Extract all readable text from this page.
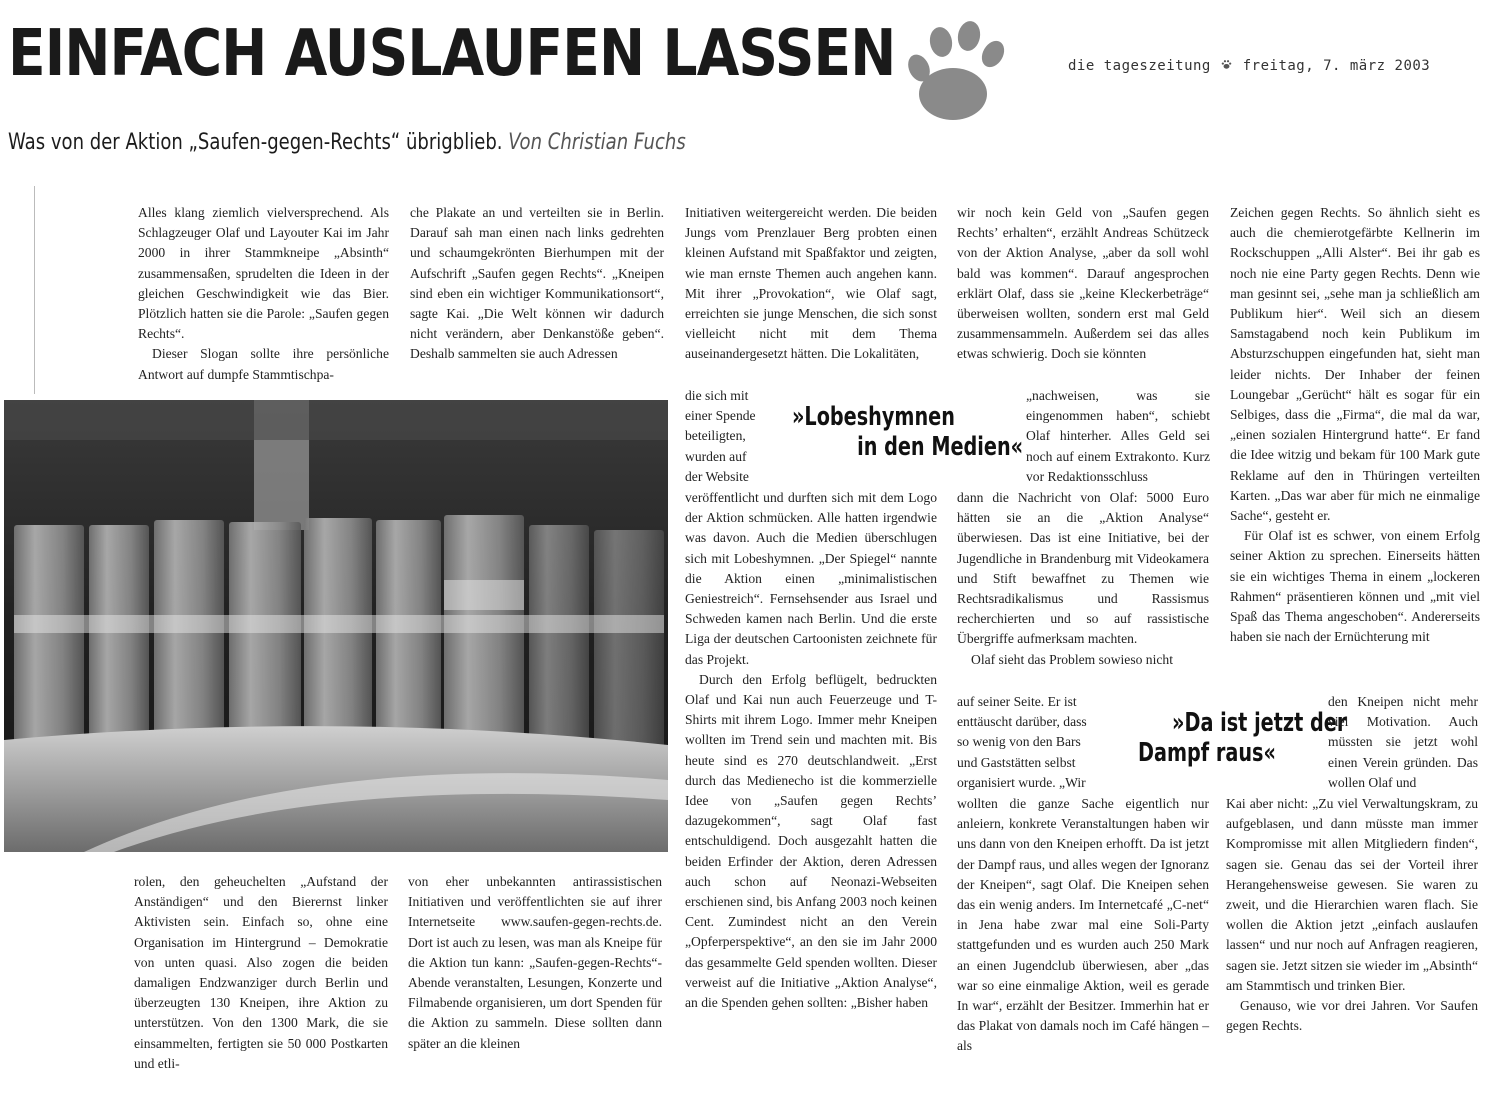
EINFACH AUSLAUFEN LASSEN	die tageszeitung freitag, 7. märz 2003

Was von der Aktion „Saufen-gegen-Rechts“ übrigblieb. Von Christian Fuchs

Alles klang ziemlich vielversprechend. Als Schlagzeuger Olaf und Layouter Kai im Jahr 2000 in ihrer Stammkneipe „Absinth“ zusammensaßen, sprudelten die Ideen in der gleichen Geschwindigkeit wie das Bier. Plötzlich hatten sie die Parole: „Saufen gegen Rechts“.

Dieser Slogan sollte ihre persönliche Antwort auf dumpfe Stammtischpa-

che Plakate an und verteilten sie in Berlin. Darauf sah man einen nach links gedrehten und schaumgekrönten Bierhumpen mit der Aufschrift „Saufen gegen Rechts“. „Kneipen sind eben ein wichtiger Kommunikationsort“, sagte Kai. „Die Welt können wir dadurch nicht verändern, aber Denkanstöße geben“. Deshalb sammelten sie auch Adressen

rolen, den geheuchelten „Aufstand der Anständigen“ und den Bierernst linker Aktivisten sein. Einfach so, ohne eine Organisation im Hintergrund – Demokratie von unten quasi. Also zogen die beiden damaligen Endzwanziger durch Berlin und überzeugten 130 Kneipen, ihre Aktion zu unterstützen. Von den 1300 Mark, die sie einsammelten, fertigten sie 50 000 Postkarten und etli-

von eher unbekannten antirassistischen Initiativen und veröffentlichten sie auf ihrer Internetseite www.saufen-gegen-rechts.de. Dort ist auch zu lesen, was man als Kneipe für die Aktion tun kann: „Saufen-gegen-Rechts“-Abende veranstalten, Lesungen, Konzerte und Filmabende organisieren, um dort Spenden für die Aktion zu sammeln. Diese sollten dann später an die kleinen

Initiativen weitergereicht werden. Die beiden Jungs vom Prenzlauer Berg probten einen kleinen Aufstand mit Spaßfaktor und zeigten, wie man ernste Themen auch angehen kann. Mit ihrer „Provokation“, wie Olaf sagt, erreichten sie junge Menschen, die sich sonst vielleicht nicht mit dem Thema auseinandergesetzt hätten. Die Lokalitäten,

die sich mit

einer Spende

beteiligten,

wurden auf

der Website

veröffentlicht und durften sich mit dem Logo der Aktion schmücken. Alle hatten irgendwie was davon. Auch die Medien überschlugen sich mit Lobeshymnen. „Der Spiegel“ nannte die Aktion einen „minimalistischen Geniestreich“. Fernsehsender aus Israel und Schweden kamen nach Berlin. Und die erste Liga der deutschen Cartoonisten zeichnete für das Projekt.

Durch den Erfolg beflügelt, bedruckten Olaf und Kai nun auch Feuerzeuge und T-Shirts mit ihrem Logo. Immer mehr Kneipen wollten im Trend sein und machten mit. Bis heute sind es 270 deutschlandweit. „Erst durch das Medienecho ist die kommerzielle Idee von „Saufen gegen Rechts’ dazugekommen“, sagt Olaf fast entschuldigend. Doch ausgezahlt hatten die beiden Erfinder der Aktion, deren Adressen auch schon auf Neonazi-Webseiten erschienen sind, bis Anfang 2003 noch keinen Cent. Zumindest nicht an den Verein „Opferperspektive“, an den sie im Jahr 2000 das gesammelte Geld spenden wollten. Dieser verweist auf die Initiative „Aktion Analyse“, an die Spenden gehen sollten: „Bisher haben

»Lobeshymnen
in den Medien«

wir noch kein Geld von „Saufen gegen Rechts’ erhalten“, erzählt Andreas Schützeck von der Aktion Analyse, „aber da soll wohl bald was kommen“. Darauf angesprochen erklärt Olaf, dass sie „keine Kleckerbeträge“ überweisen wollten, sondern erst mal Geld zusammensammeln. Außerdem sei das alles etwas schwierig. Doch sie könnten

„nachweisen, was sie eingenommen haben“, schiebt Olaf hinterher. Alles Geld sei noch auf einem Extrakonto. Kurz vor Redaktionsschluss

dann die Nachricht von Olaf: 5000 Euro hätten sie an die „Aktion Analyse“ überwiesen. Das ist eine Initiative, bei der Jugendliche in Brandenburg mit Videokamera und Stift bewaffnet zu Themen wie Rechtsradikalismus und Rassismus recherchierten und so auf rassistische Übergriffe aufmerksam machten.

Olaf sieht das Problem sowieso nicht

auf seiner Seite. Er ist

enttäuscht darüber, dass

so wenig von den Bars

und Gaststätten selbst

organisiert wurde. „Wir

wollten die ganze Sache eigentlich nur anleiern, konkrete Veranstaltungen haben wir uns dann von den Kneipen erhofft. Da ist jetzt der Dampf raus, und alles wegen der Ignoranz der Kneipen“, sagt Olaf. Die Kneipen sehen das ein wenig anders. Im Internetcafé „C-net“ in Jena habe zwar mal eine Soli-Party stattgefunden und es wurden auch 250 Mark an einen Jugendclub überwiesen, aber „das war so eine einmalige Aktion, weil es gerade In war“, erzählt der Besitzer. Immerhin hat er das Plakat von damals noch im Café hängen – als

»Da ist jetzt der
Dampf raus«

Zeichen gegen Rechts. So ähnlich sieht es auch die chemierotgefärbte Kellnerin im Rockschuppen „Alli Alster“. Bei ihr gab es noch nie eine Party gegen Rechts. Denn wie man gesinnt sei, „sehe man ja schließlich am Publikum hier“. Weil sich an diesem Samstagabend noch kein Publikum im Absturzschuppen eingefunden hat, sieht man leider nichts. Der Inhaber der feinen Loungebar „Gerücht“ hält es sogar für ein Selbiges, dass die „Firma“, die mal da war, „einen sozialen Hintergrund hatte“. Er fand die Idee witzig und bekam für 100 Mark gute Reklame auf den in Thüringen verteilten Karten. „Das war aber für mich ne einmalige Sache“, gesteht er.

Für Olaf ist es schwer, von einem Erfolg seiner Aktion zu sprechen. Einerseits hätten sie ein wichtiges Thema in einem „lockeren Rahmen“ präsentieren können und „mit viel Spaß das Thema angeschoben“. Andererseits haben sie nach der Ernüchterung mit

den Kneipen nicht mehr viel Motivation. Auch müssten sie jetzt wohl einen Verein gründen. Das wollen Olaf und

Kai aber nicht: „Zu viel Verwaltungskram, zu aufgeblasen, und dann müsste man immer Kompromisse mit allen Mitgliedern finden“, sagen sie. Genau das sei der Vorteil ihrer Herangehensweise gewesen. Sie waren zu zweit, und die Hierarchien waren flach. Sie wollen die Aktion jetzt „einfach auslaufen lassen“ und nur noch auf Anfragen reagieren, sagen sie. Jetzt sitzen sie wieder im „Absinth“ am Stammtisch und trinken Bier.

Genauso, wie vor drei Jahren. Vor Saufen gegen Rechts.
